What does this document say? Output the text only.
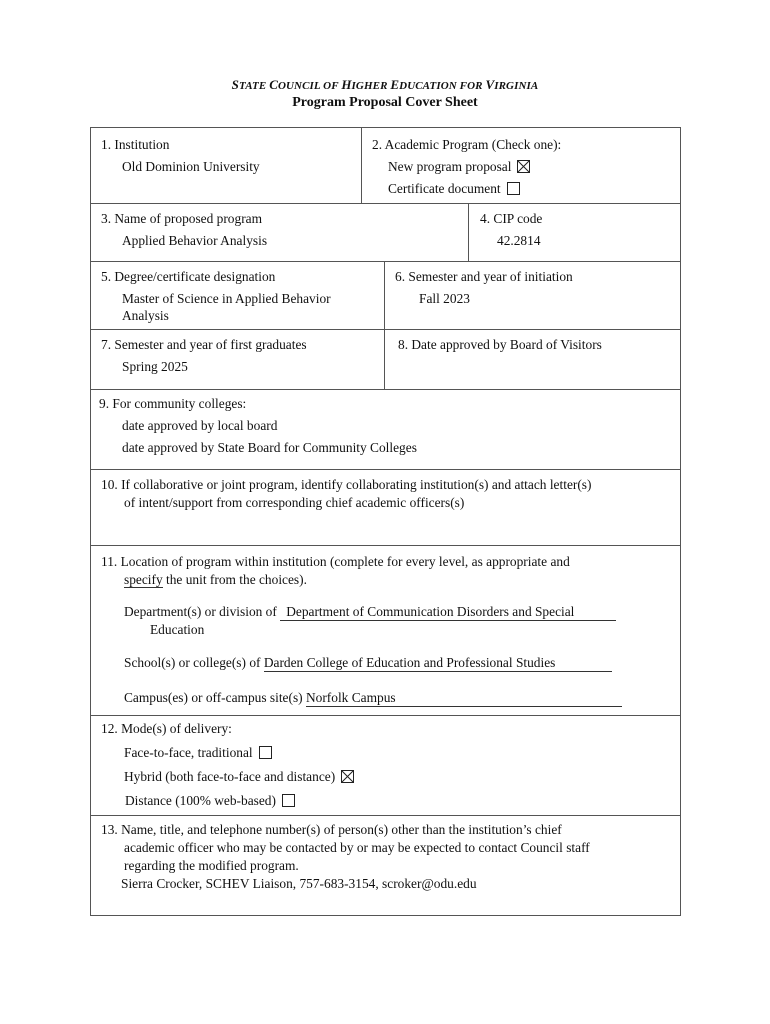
STATE COUNCIL OF HIGHER EDUCATION FOR VIRGINIA
Program Proposal Cover Sheet
1. Institution
Old Dominion University
2. Academic Program (Check one):
New program proposal
Certificate document
3. Name of proposed program
Applied Behavior Analysis
4. CIP code
42.2814
5. Degree/certificate designation
Master of Science in Applied Behavior
Analysis
6. Semester and year of initiation
Fall 2023
7. Semester and year of first graduates
Spring 2025
8. Date approved by Board of Visitors
9. For community colleges:
date approved by local board
date approved by State Board for Community Colleges
10. If collaborative or joint program, identify collaborating institution(s) and attach letter(s)
of intent/support from corresponding chief academic officers(s)
11. Location of program within institution (complete for every level, as appropriate and
specify the unit from the choices).
Department(s) or division of Department of Communication Disorders and Special
Education
School(s) or college(s) of Darden College of Education and Professional Studies
Campus(es) or off-campus site(s) Norfolk Campus
12. Mode(s) of delivery:
Face-to-face, traditional
Hybrid (both face-to-face and distance)
Distance (100% web-based)
13. Name, title, and telephone number(s) of person(s) other than the institution’s chief
academic officer who may be contacted by or may be expected to contact Council staff
regarding the modified program.
Sierra Crocker, SCHEV Liaison, 757-683-3154, scroker@odu.edu
